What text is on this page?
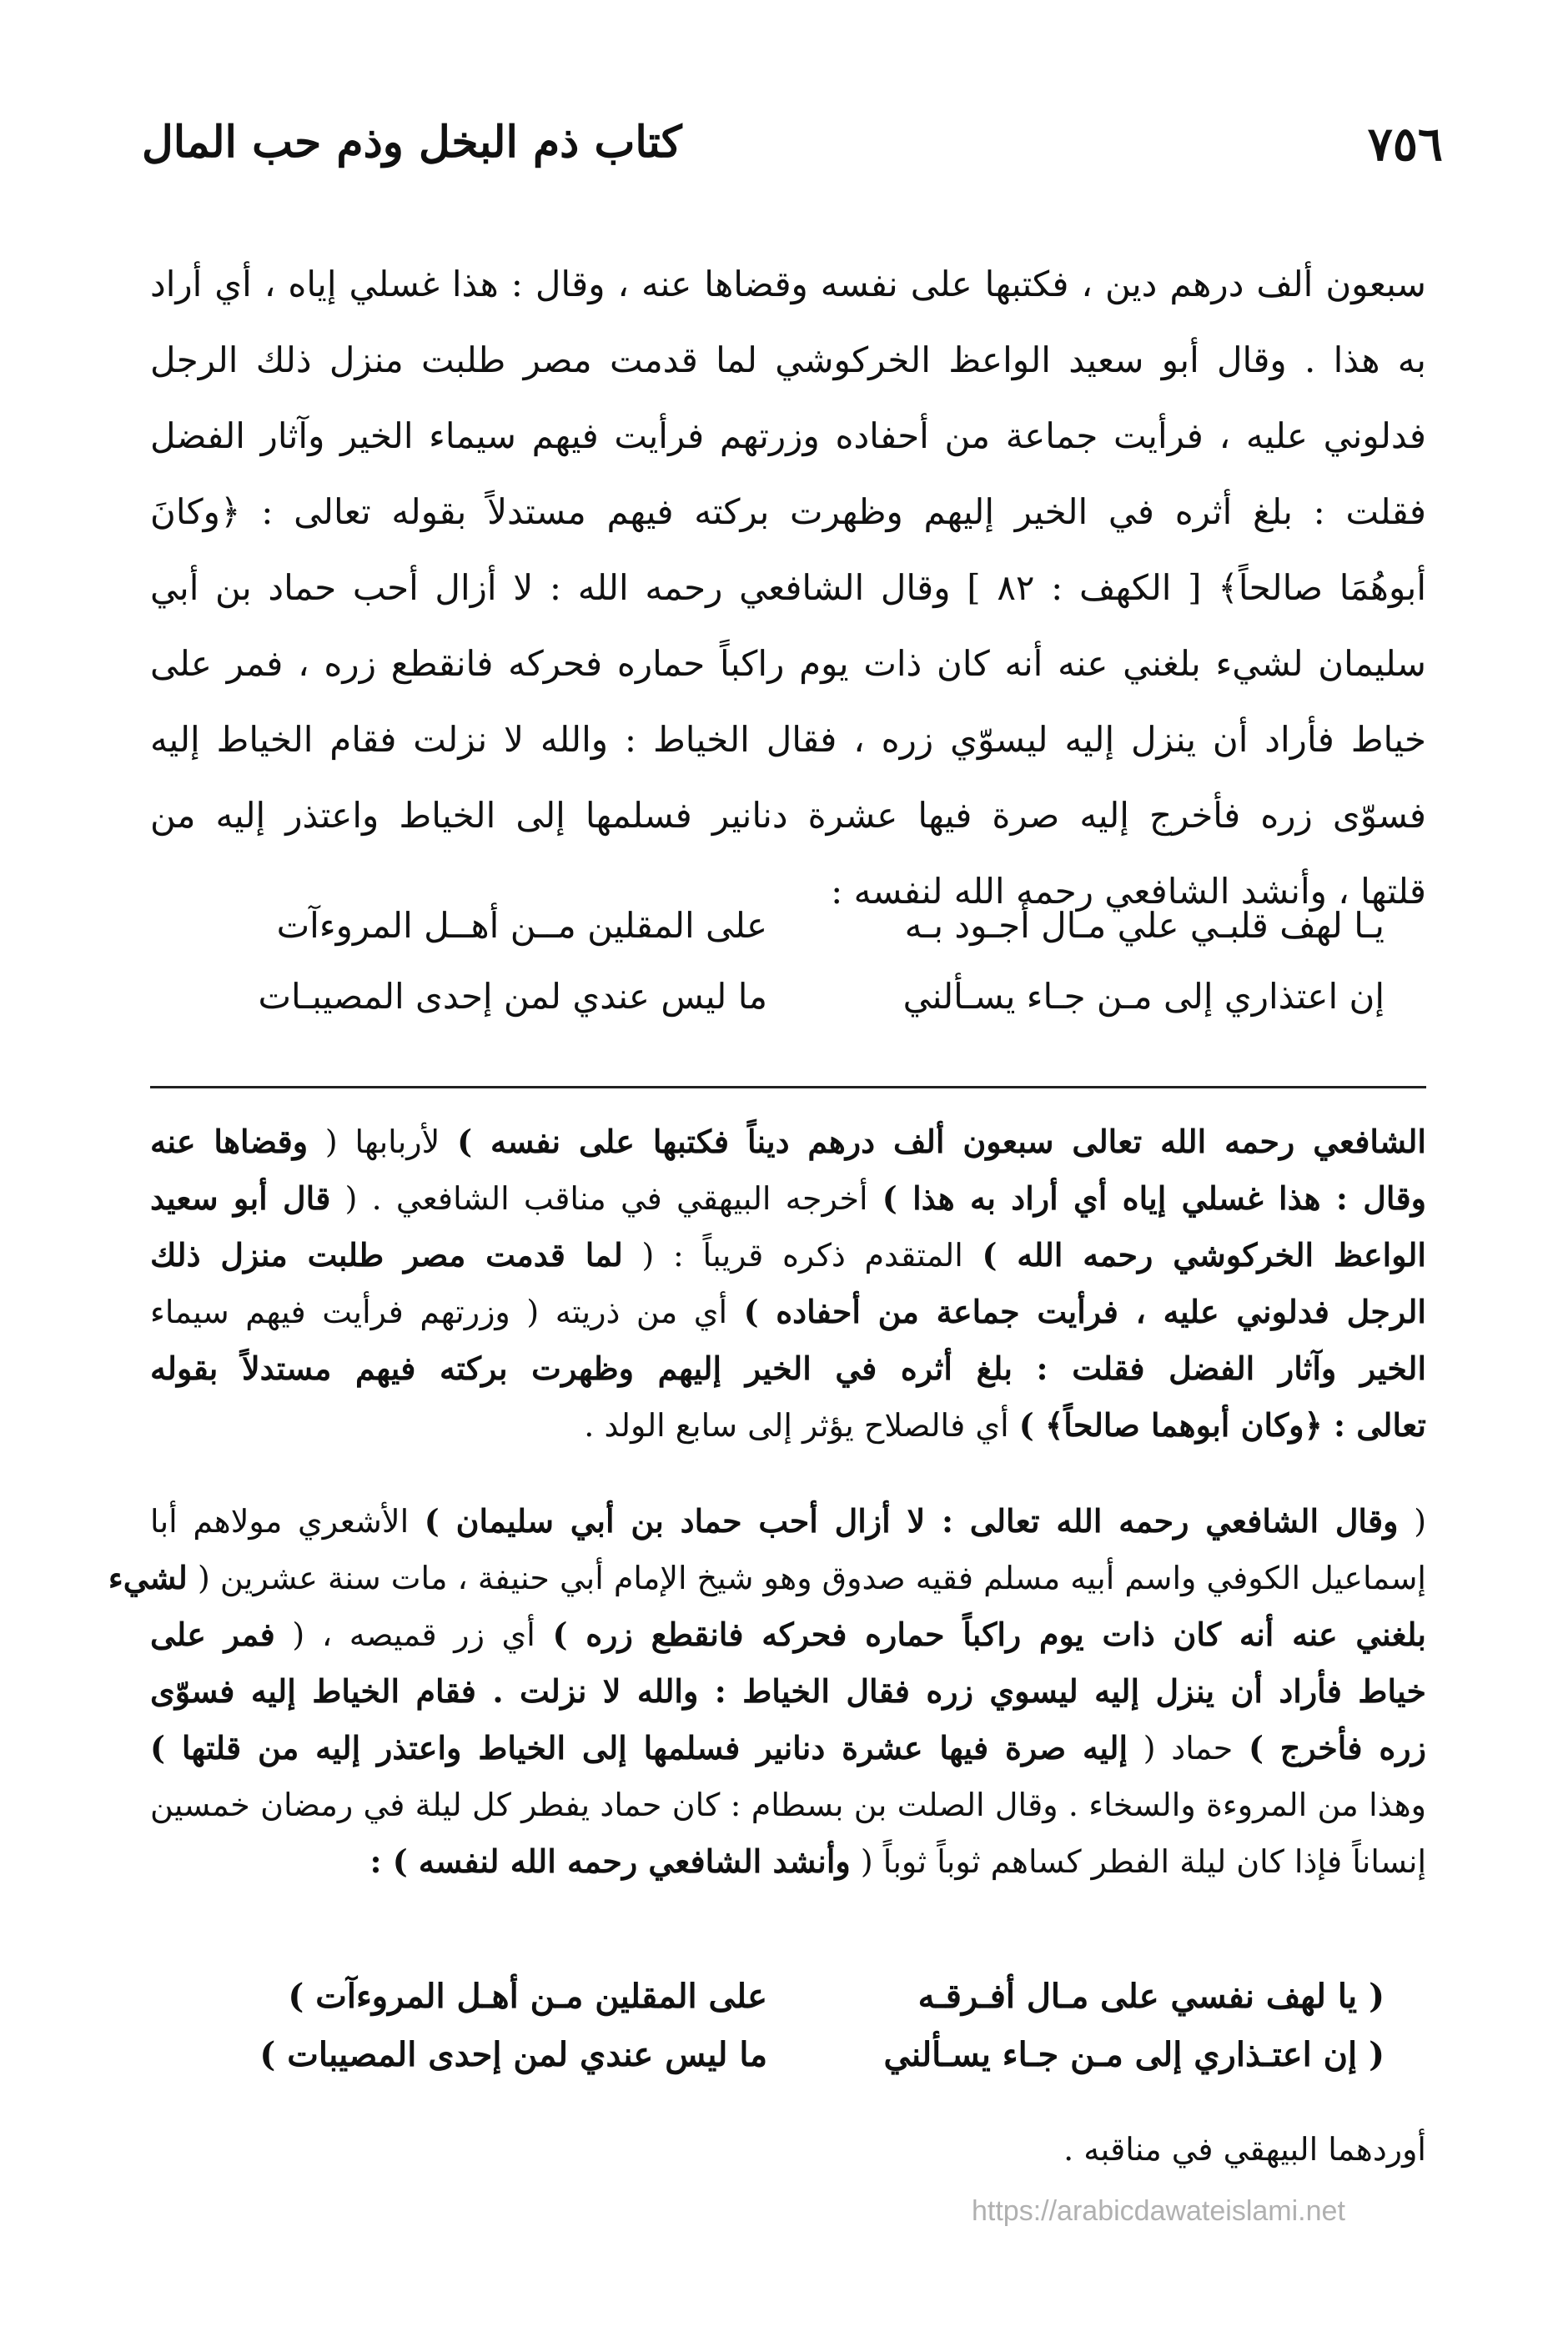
٧٥٦
كتاب ذم البخل وذم حب المال
سبعون ألف درهم دين ، فكتبها على نفسه وقضاها عنه ، وقال : هذا غسلي إياه ، أي أراد
به هذا . وقال أبو سعيد الواعظ الخركوشي لما قدمت مصر طلبت منزل ذلك الرجل
فدلوني عليه ، فرأيت جماعة من أحفاده وزرتهم فرأيت فيهم سيماء الخير وآثار الفضل
فقلت : بلغ أثره في الخير إليهم وظهرت بركته فيهم مستدلاً بقوله تعالى : ﴿وكانَ
أبوهُمَا صالحاً﴾ [ الكهف : ٨٢ ] وقال الشافعي رحمه الله : لا أزال أحب حماد بن أبي
سليمان لشيء بلغني عنه أنه كان ذات يوم راكباً حماره فحركه فانقطع زره ، فمر على
خياط فأراد أن ينزل إليه ليسوّي زره ، فقال الخياط : والله لا نزلت فقام الخياط إليه
فسوّى زره فأخرج إليه صرة فيها عشرة دنانير فسلمها إلى الخياط واعتذر إليه من
قلتها ، وأنشد الشافعي رحمه الله لنفسه :
يـا لهف قلبـي علي مـال أجـود بـه
على المقلين مــن أهــل المروءآت
إن اعتذاري إلى مـن جـاء يسـألني
ما ليس عندي لمن إحدى المصيبـات
الشافعي رحمه الله تعالى سبعون ألف درهم ديناً فكتبها على نفسه ) لأربابها ( وقضاها عنه
وقال : هذا غسلي إياه أي أراد به هذا ) أخرجه البيهقي في مناقب الشافعي . ( قال أبو سعيد
الواعظ الخركوشي رحمه الله ) المتقدم ذكره قريباً : ( لما قدمت مصر طلبت منزل ذلك
الرجل فدلوني عليه ، فرأيت جماعة من أحفاده ) أي من ذريته ( وزرتهم فرأيت فيهم سيماء
الخير وآثار الفضل فقلت : بلغ أثره في الخير إليهم وظهرت بركته فيهم مستدلاً بقوله
تعالى : ﴿وكان أبوهما صالحاً﴾ ) أي فالصلاح يؤثر إلى سابع الولد .
( وقال الشافعي رحمه الله تعالى : لا أزال أحب حماد بن أبي سليمان ) الأشعري مولاهم أبا
إسماعيل الكوفي واسم أبيه مسلم فقيه صدوق وهو شيخ الإمام أبي حنيفة ، مات سنة عشرين ( لشيء
بلغني عنه أنه كان ذات يوم راكباً حماره فحركه فانقطع زره ) أي زر قميصه ، ( فمر على
خياط فأراد أن ينزل إليه ليسوي زره فقال الخياط : والله لا نزلت . فقام الخياط إليه فسوّى
زره فأخرج ) حماد ( إليه صرة فيها عشرة دنانير فسلمها إلى الخياط واعتذر إليه من قلتها )
وهذا من المروءة والسخاء . وقال الصلت بن بسطام : كان حماد يفطر كل ليلة في رمضان خمسين
إنساناً فإذا كان ليلة الفطر كساهم ثوباً ثوباً ( وأنشد الشافعي رحمه الله لنفسه ) :
( يا لهف نفسي على مـال أفـرقـه
على المقلين مـن أهـل المروءآت )
( إن اعتـذاري إلى مـن جـاء يسـألني
ما ليس عندي لمن إحدى المصيبات )
أوردهما البيهقي في مناقبه .
https://arabicdawateislami.net
